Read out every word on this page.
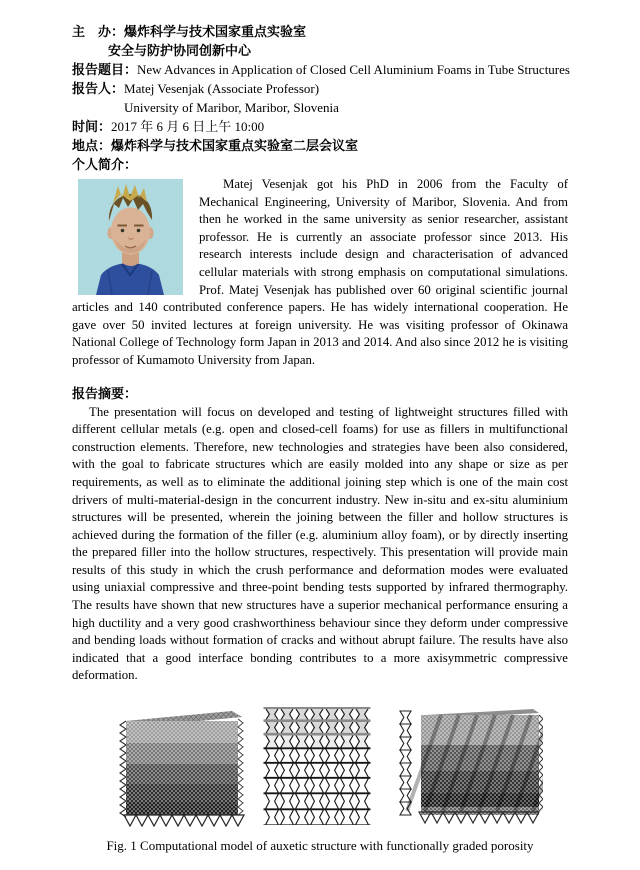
主　办：爆炸科学与技术国家重点实验室
安全与防护协同创新中心
报告题目：New Advances in Application of Closed Cell Aluminium Foams in Tube Structures
报告人：Matej Vesenjak (Associate Professor)
University of Maribor, Maribor, Slovenia
时间：2017 年 6 月 6 日上午 10:00
地点：爆炸科学与技术国家重点实验室二层会议室
个人简介：

Matej Vesenjak got his PhD in 2006 from the Faculty of Mechanical Engineering, University of Maribor, Slovenia. And from then he worked in the same university as senior researcher, assistant professor. He is currently an associate professor since 2013. His research interests include design and characterisation of advanced cellular materials with strong emphasis on computational simulations. Prof. Matej Vesenjak has published over 60 original scientific journal articles and 140 contributed conference papers. He has widely international cooperation. He gave over 50 invited lectures at foreign university. He was visiting professor of Okinawa National College of Technology form Japan in 2013 and 2014. And also since 2012 he is visiting professor of Kumamoto University from Japan.

报告摘要：

The presentation will focus on developed and testing of lightweight structures filled with different cellular metals (e.g. open and closed-cell foams) for use as fillers in multifunctional construction elements. Therefore, new technologies and strategies have been also considered, with the goal to fabricate structures which are easily molded into any shape or size as per requirements, as well as to eliminate the additional joining step which is one of the main cost drivers of multi-material-design in the concurrent industry. New in-situ and ex-situ aluminium structures will be presented, wherein the joining between the filler and hollow structures is achieved during the formation of the filler (e.g. aluminium alloy foam), or by directly inserting the prepared filler into the hollow structures, respectively. This presentation will provide main results of this study in which the crush performance and deformation modes were evaluated using uniaxial compressive and three-point bending tests supported by infrared thermography. The results have shown that new structures have a superior mechanical performance ensuring a high ductility and a very good crashworthiness behaviour since they deform under compressive and bending loads without formation of cracks and without abrupt failure. The results have also indicated that a good interface bonding contributes to a more axisymmetric compressive deformation.

Fig. 1 Computational model of auxetic structure with functionally graded porosity
